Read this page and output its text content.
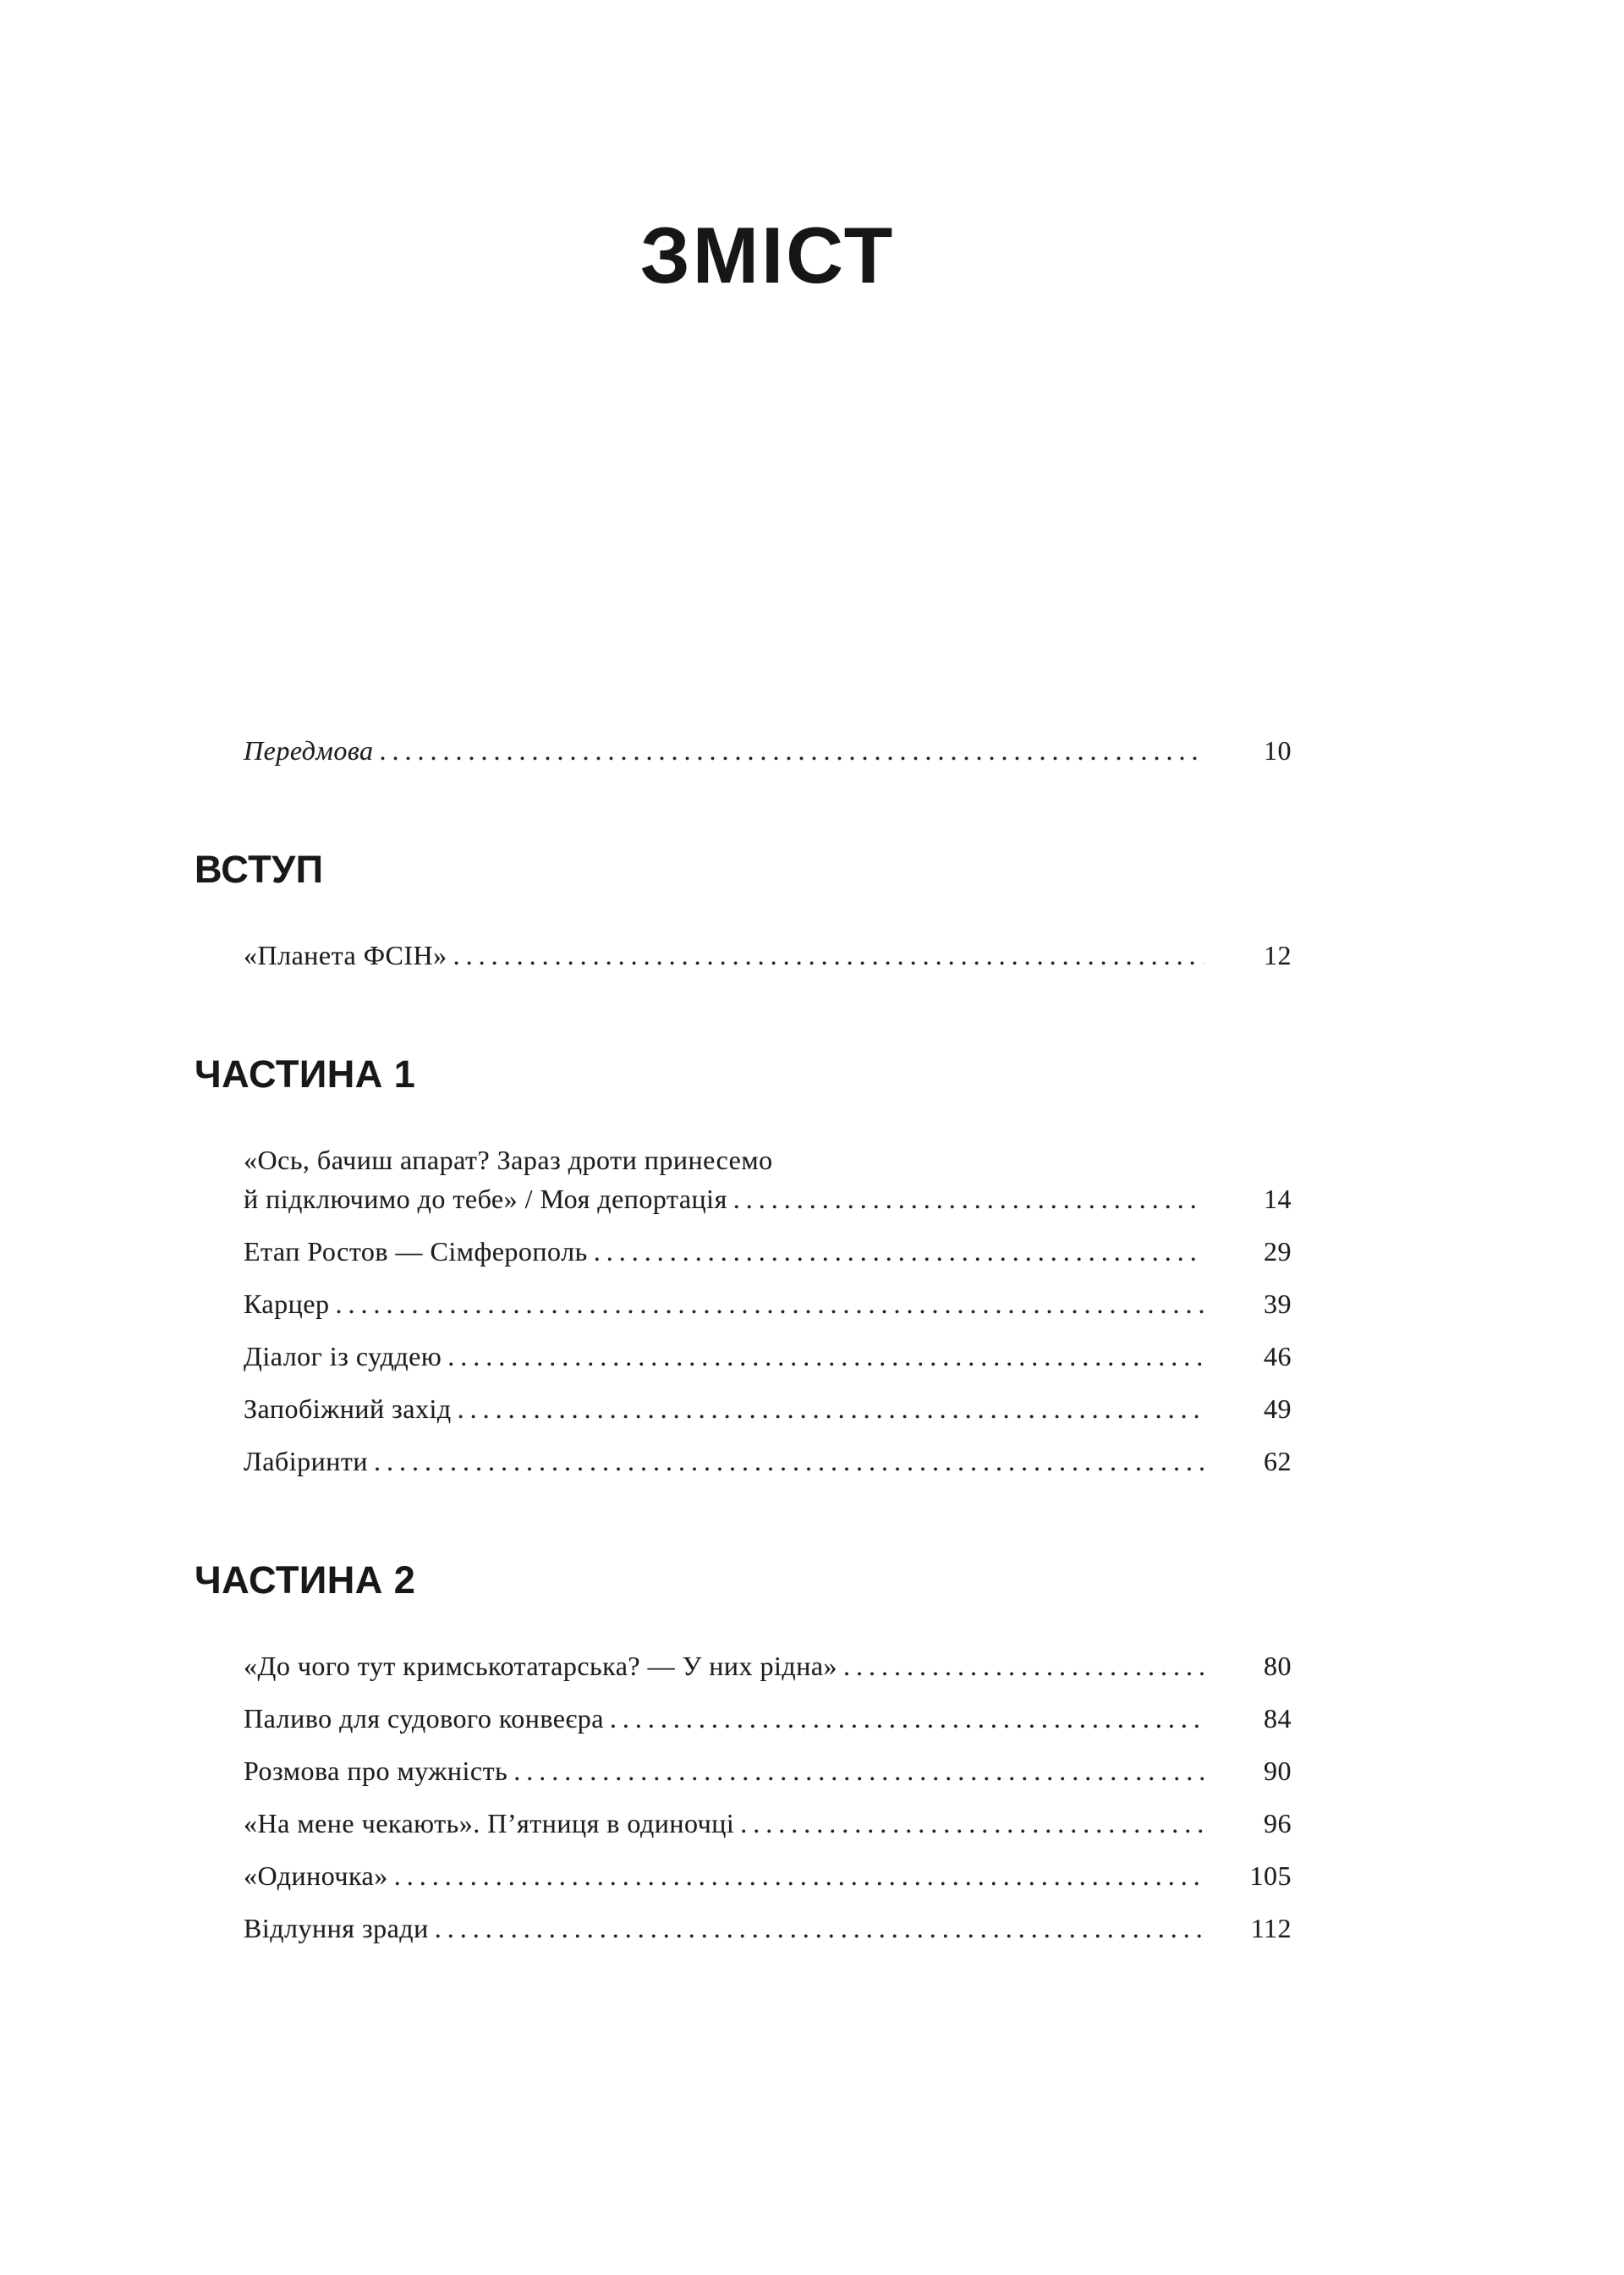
ЗМІСТ
Передмова .....	10
ВСТУП
«Планета ФСІН» .....	12
ЧАСТИНА 1
«Ось, бачиш апарат? Зараз дроти принесемо
й підключимо до тебе» / Моя депортація .....	14
Етап Ростов — Сімферополь .....	29
Карцер .....	39
Діалог із суддею .....	46
Запобіжний захід .....	49
Лабіринти .....	62
ЧАСТИНА 2
«До чого тут кримськотатарська? — У них рідна» .....	80
Паливо для судового конвеєра .....	84
Розмова про мужність .....	90
«На мене чекають». П’ятниця в одиночці .....	96
«Одиночка» .....	105
Відлуння зради .....	112
